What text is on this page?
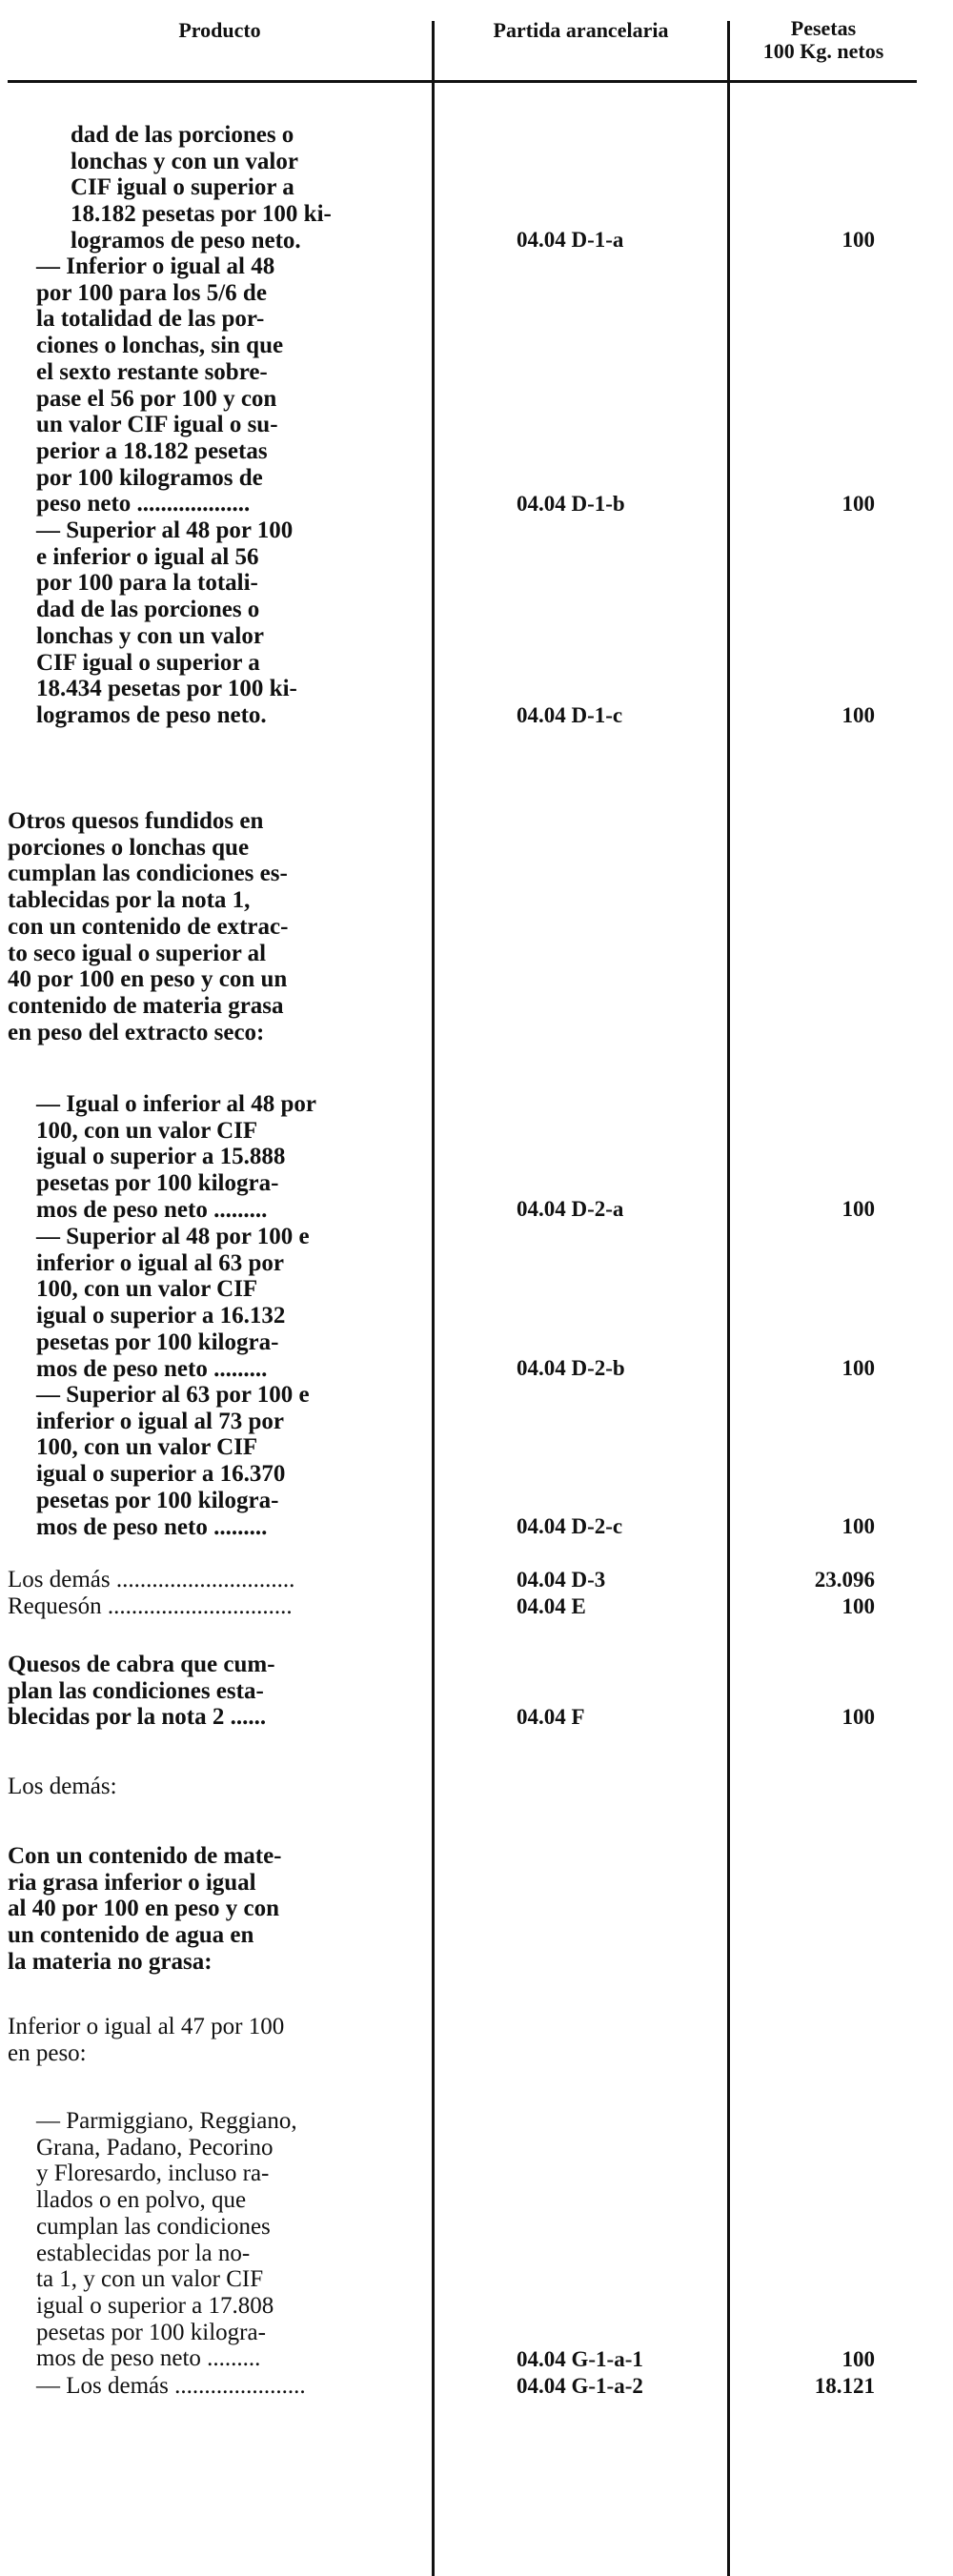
Producto	Partida arancelaria	Pesetas
100 Kg. netos
dad de las porciones o
lonchas y con un valor
CIF igual o superior a
18.182 pesetas por 100 ki-
logramos de peso neto.	04.04 D-1-a	100
— Inferior o igual al 48
por 100 para los 5/6 de
la totalidad de las por-
ciones o lonchas, sin que
el sexto restante sobre-
pase el 56 por 100 y con
un valor CIF igual o su-
perior a 18.182 pesetas
por 100 kilogramos de
peso neto ...................	04.04 D-1-b	100
— Superior al 48 por 100
e inferior o igual al 56
por 100 para la totali-
dad de las porciones o
lonchas y con un valor
CIF igual o superior a
18.434 pesetas por 100 ki-
logramos de peso neto.	04.04 D-1-c	100
Otros quesos fundidos en
porciones o lonchas que
cumplan las condiciones es-
tablecidas por la nota 1,
con un contenido de extrac-
to seco igual o superior al
40 por 100 en peso y con un
contenido de materia grasa
en peso del extracto seco:
— Igual o inferior al 48 por
100, con un valor CIF
igual o superior a 15.888
pesetas por 100 kilogra-
mos de peso neto .........	04.04 D-2-a	100
— Superior al 48 por 100 e
inferior o igual al 63 por
100, con un valor CIF
igual o superior a 16.132
pesetas por 100 kilogra-
mos de peso neto .........	04.04 D-2-b	100
— Superior al 63 por 100 e
inferior o igual al 73 por
100, con un valor CIF
igual o superior a 16.370
pesetas por 100 kilogra-
mos de peso neto .........	04.04 D-2-c	100
Los demás ..............................	04.04 D-3	23.096
Requesón ...............................	04.04 E	100
Quesos de cabra que cum-
plan las condiciones esta-
blecidas por la nota 2 ......	04.04 F	100
Los demás:
Con un contenido de mate-
ria grasa inferior o igual
al 40 por 100 en peso y con
un contenido de agua en
la materia no grasa:
Inferior o igual al 47 por 100
en peso:
— Parmiggiano, Reggiano,
Grana, Padano, Pecorino
y Floresardo, incluso ra-
llados o en polvo, que
cumplan las condiciones
establecidas por la no-
ta 1, y con un valor CIF
igual o superior a 17.808
pesetas por 100 kilogra-
mos de peso neto .........	04.04 G-1-a-1	100
— Los demás ......................	04.04 G-1-a-2	18.121
